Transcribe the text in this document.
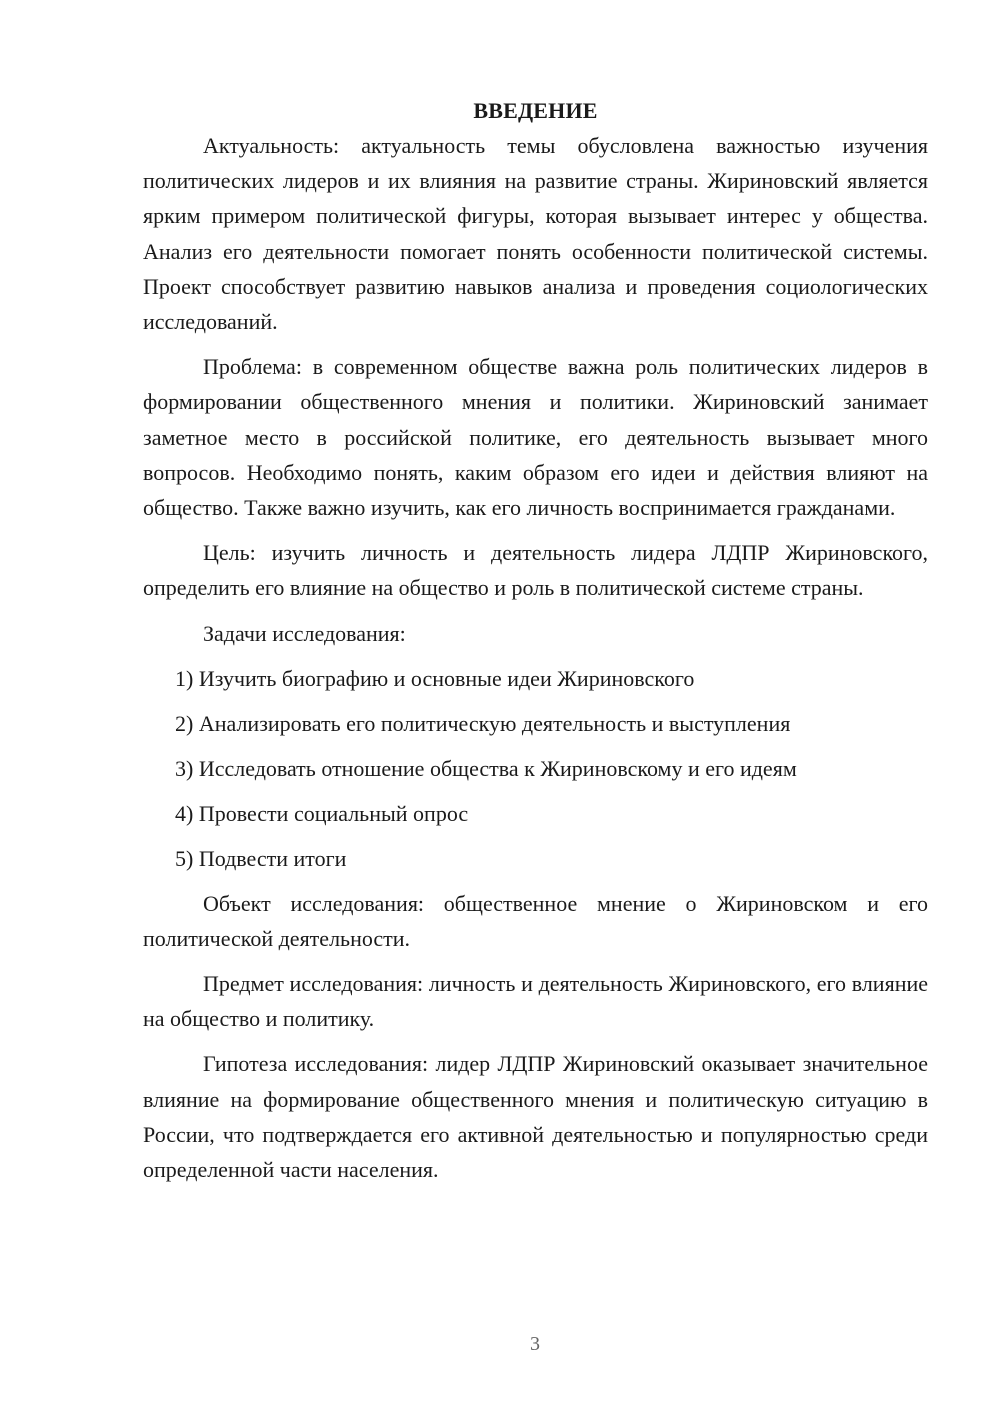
ВВЕДЕНИЕ

Актуальность: актуальность темы обусловлена важностью изучения политических лидеров и их влияния на развитие страны. Жириновский является ярким примером политической фигуры, которая вызывает интерес у общества. Анализ его деятельности помогает понять особенности политической системы. Проект способствует развитию навыков анализа и проведения социологических исследований.

Проблема: в современном обществе важна роль политических лидеров в формировании общественного мнения и политики. Жириновский занимает заметное место в российской политике, его деятельность вызывает много вопросов. Необходимо понять, каким образом его идеи и действия влияют на общество. Также важно изучить, как его личность воспринимается гражданами.

Цель: изучить личность и деятельность лидера ЛДПР Жириновского, определить его влияние на общество и роль в политической системе страны.

Задачи исследования:

1) Изучить биографию и основные идеи Жириновского
2) Анализировать его политическую деятельность и выступления
3) Исследовать отношение общества к Жириновскому и его идеям
4) Провести социальный опрос
5) Подвести итоги

Объект исследования: общественное мнение о Жириновском и его политической деятельности.

Предмет исследования: личность и деятельность Жириновского, его влияние на общество и политику.

Гипотеза исследования: лидер ЛДПР Жириновский оказывает значительное влияние на формирование общественного мнения и политическую ситуацию в России, что подтверждается его активной деятельностью и популярностью среди определенной части населения.

3
